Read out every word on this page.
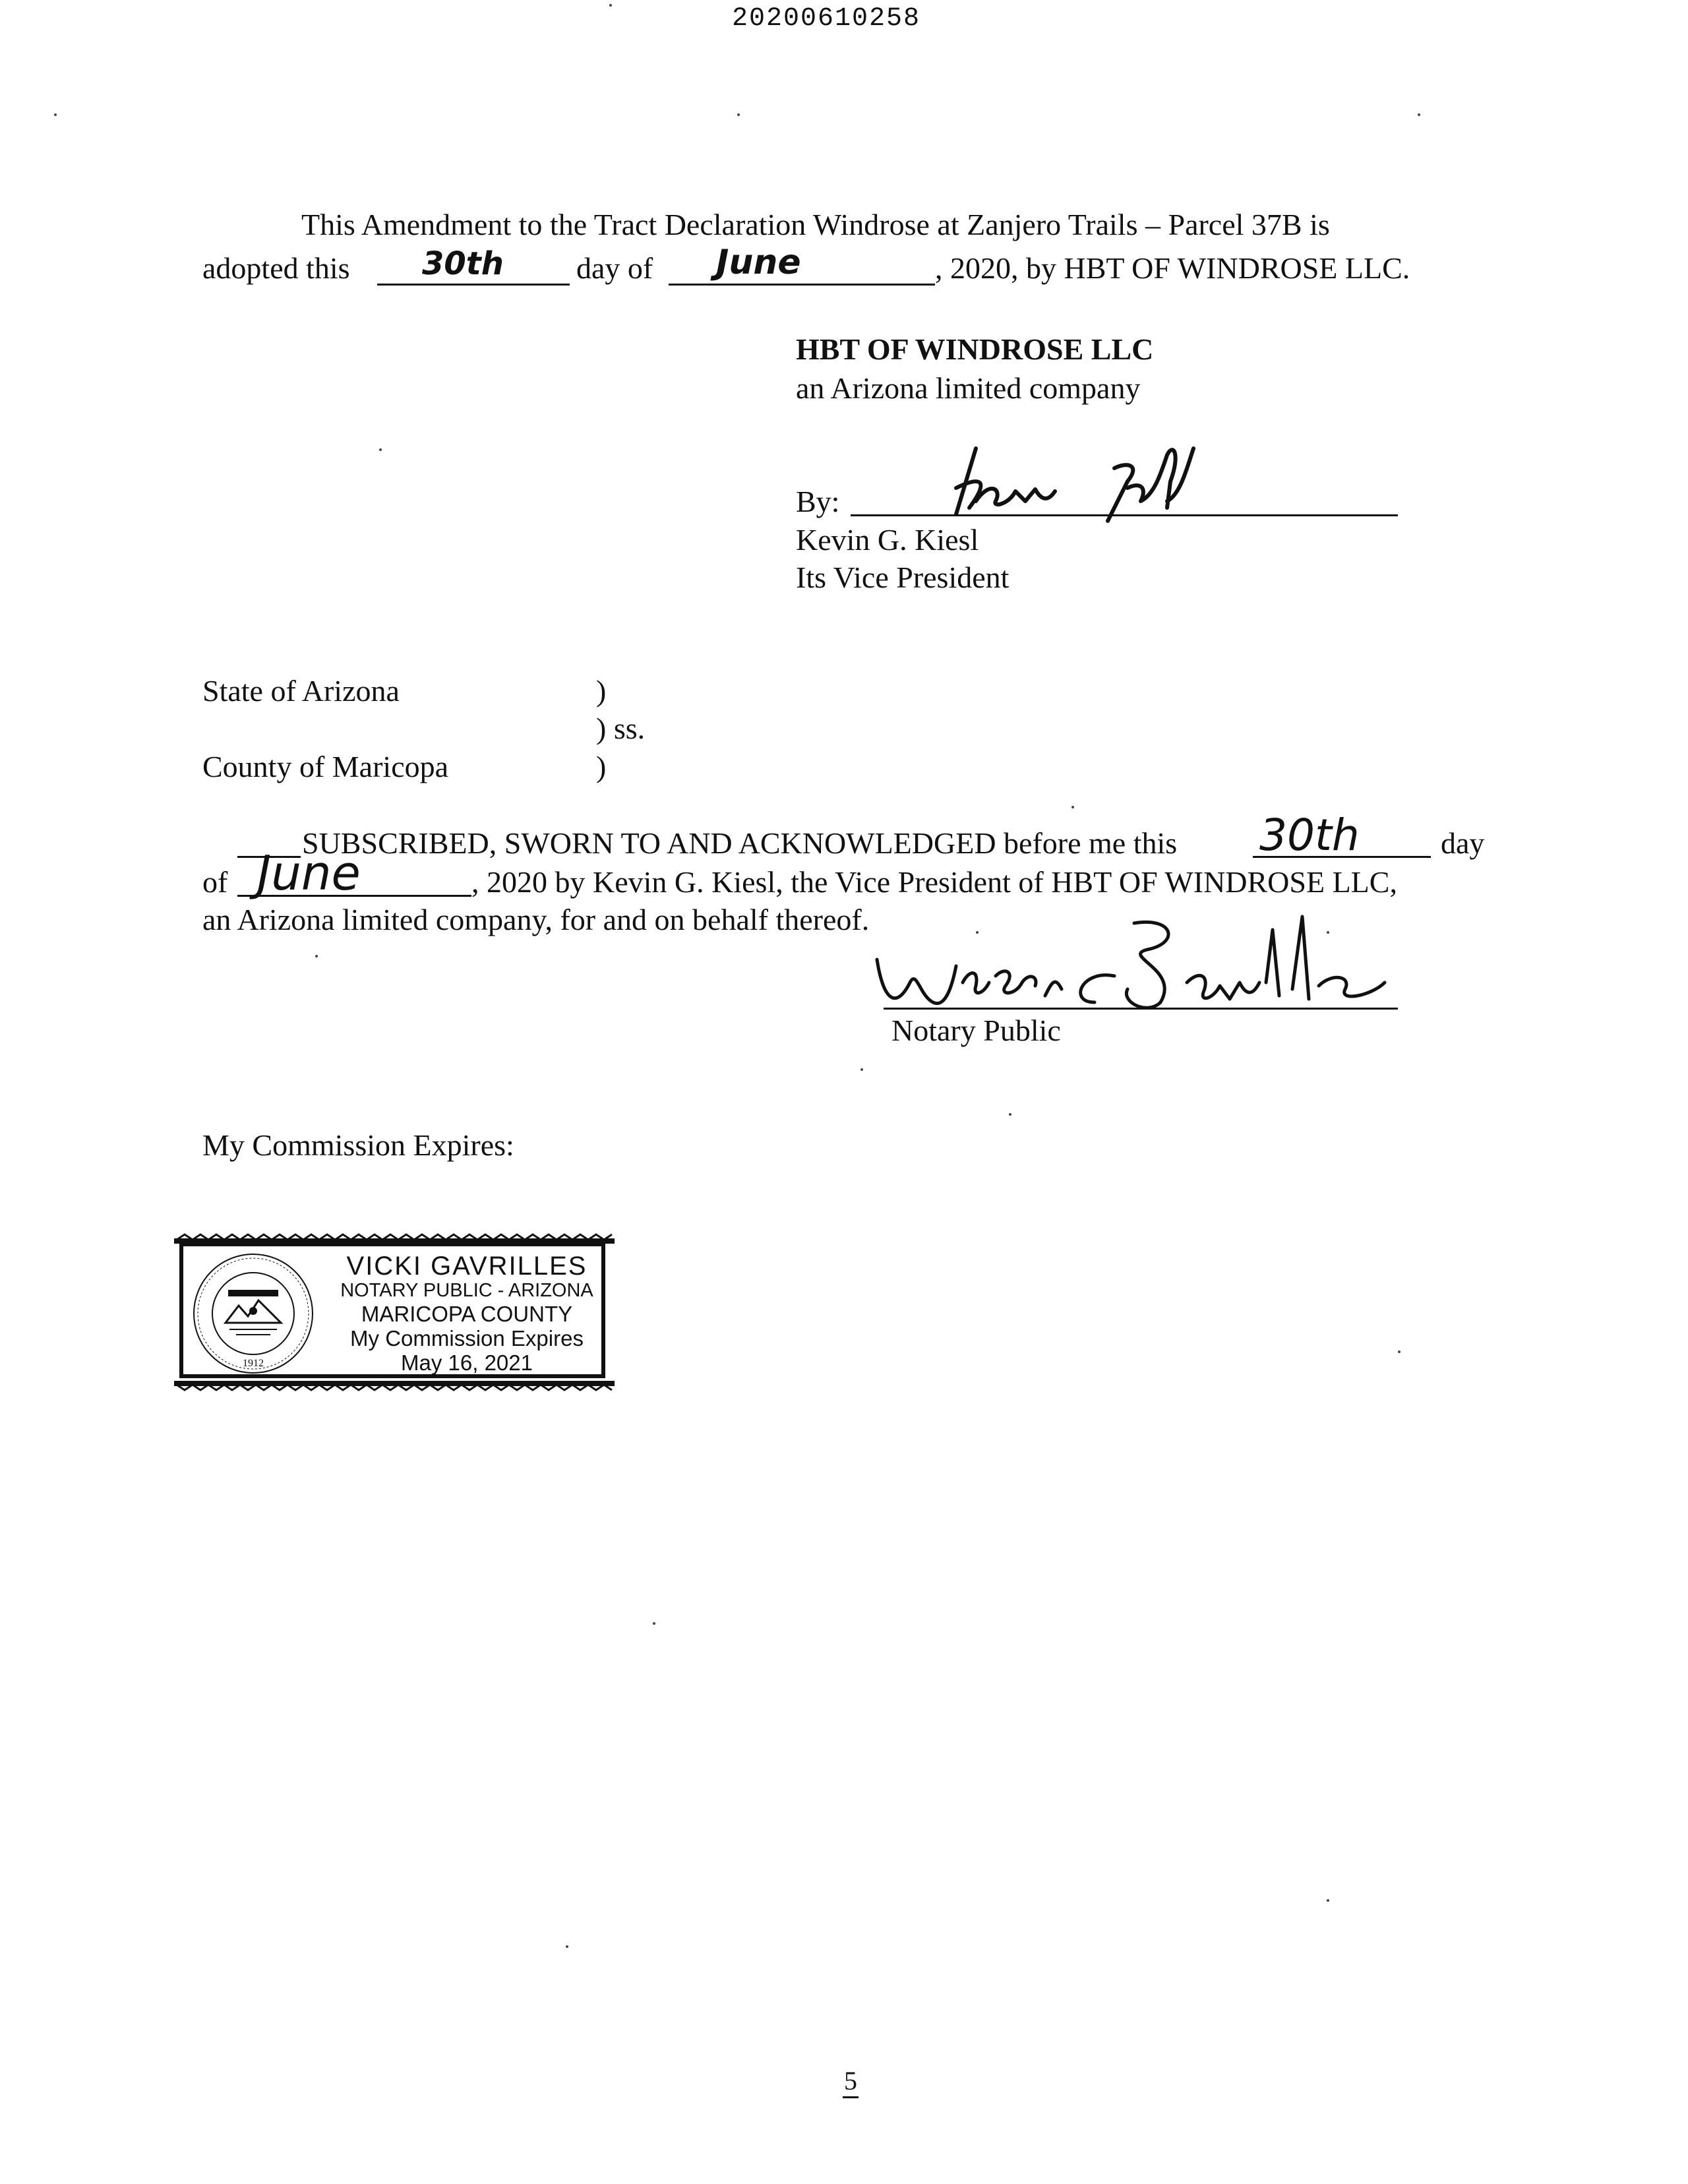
20200610258
This Amendment to the Tract Declaration Windrose at Zanjero Trails – Parcel 37B is
adopted this 30th day of June	, 2020, by HBT OF WINDROSE LLC.
HBT OF WINDROSE LLC
an Arizona limited company
By:
Kevin G. Kiesl
Its Vice President
State of Arizona	)
) ss.
County of Maricopa	)
SUBSCRIBED, SWORN TO AND ACKNOWLEDGED before me this 30th	day
of June	, 2020 by Kevin G. Kiesl, the Vice President of HBT OF WINDROSE LLC,
an Arizona limited company, for and on behalf thereof.
Notary Public
My Commission Expires:
1912
VICKI GAVRILLES
NOTARY PUBLIC - ARIZONA
MARICOPA COUNTY
My Commission Expires
May 16, 2021
5
